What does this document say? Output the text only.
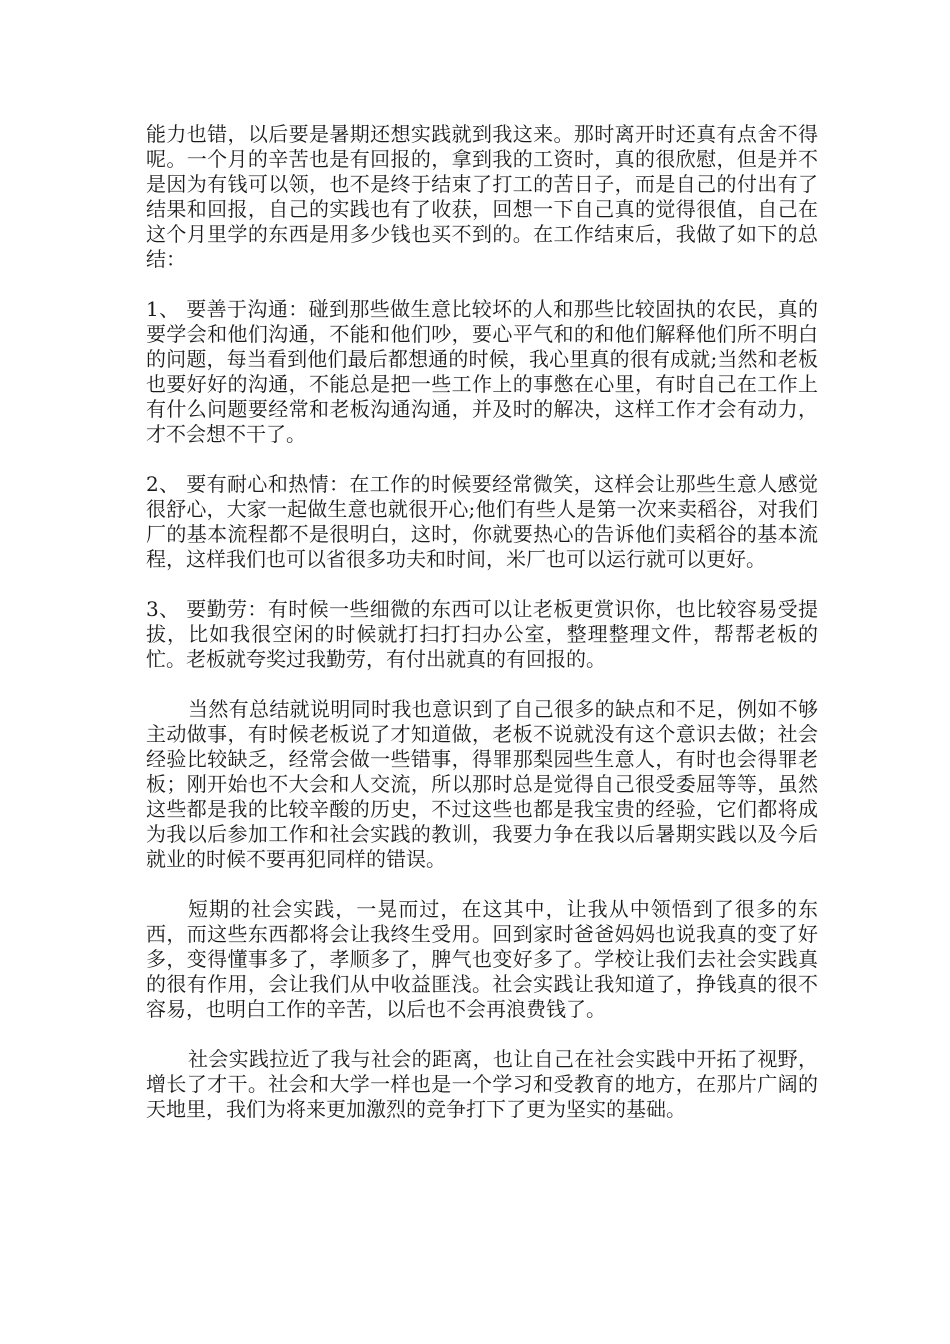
能力也错，以后要是暑期还想实践就到我这来。那时离开时还真有点舍不得呢。一个月的辛苦也是有回报的，拿到我的工资时，真的很欣慰，但是并不是因为有钱可以领，也不是终于结束了打工的苦日子，而是自己的付出有了结果和回报，自己的实践也有了收获，回想一下自己真的觉得很值，自己在这个月里学的东西是用多少钱也买不到的。在工作结束后，我做了如下的总结：

1、 要善于沟通：碰到那些做生意比较坏的人和那些比较固执的农民，真的要学会和他们沟通，不能和他们吵，要心平气和的和他们解释他们所不明白的问题，每当看到他们最后都想通的时候，我心里真的很有成就;当然和老板也要好好的沟通，不能总是把一些工作上的事憋在心里，有时自己在工作上有什么问题要经常和老板沟通沟通，并及时的解决，这样工作才会有动力，才不会想不干了。

2、 要有耐心和热情：在工作的时候要经常微笑，这样会让那些生意人感觉很舒心，大家一起做生意也就很开心;他们有些人是第一次来卖稻谷，对我们厂的基本流程都不是很明白，这时，你就要热心的告诉他们卖稻谷的基本流程，这样我们也可以省很多功夫和时间，米厂也可以运行就可以更好。

3、 要勤劳：有时候一些细微的东西可以让老板更赏识你，也比较容易受提拔，比如我很空闲的时候就打扫打扫办公室，整理整理文件，帮帮老板的忙。老板就夸奖过我勤劳，有付出就真的有回报的。

当然有总结就说明同时我也意识到了自己很多的缺点和不足，例如不够主动做事，有时候老板说了才知道做，老板不说就没有这个意识去做；社会经验比较缺乏，经常会做一些错事，得罪那梨园些生意人，有时也会得罪老板；刚开始也不大会和人交流，所以那时总是觉得自己很受委屈等等，虽然这些都是我的比较辛酸的历史，不过这些也都是我宝贵的经验，它们都将成为我以后参加工作和社会实践的教训，我要力争在我以后暑期实践以及今后就业的时候不要再犯同样的错误。

短期的社会实践，一晃而过，在这其中，让我从中领悟到了很多的东西，而这些东西都将会让我终生受用。回到家时爸爸妈妈也说我真的变了好多，变得懂事多了，孝顺多了，脾气也变好多了。学校让我们去社会实践真的很有作用，会让我们从中收益匪浅。社会实践让我知道了，挣钱真的很不容易，也明白工作的辛苦，以后也不会再浪费钱了。

社会实践拉近了我与社会的距离，也让自己在社会实践中开拓了视野，增长了才干。社会和大学一样也是一个学习和受教育的地方，在那片广阔的天地里，我们为将来更加激烈的竞争打下了更为坚实的基础。
